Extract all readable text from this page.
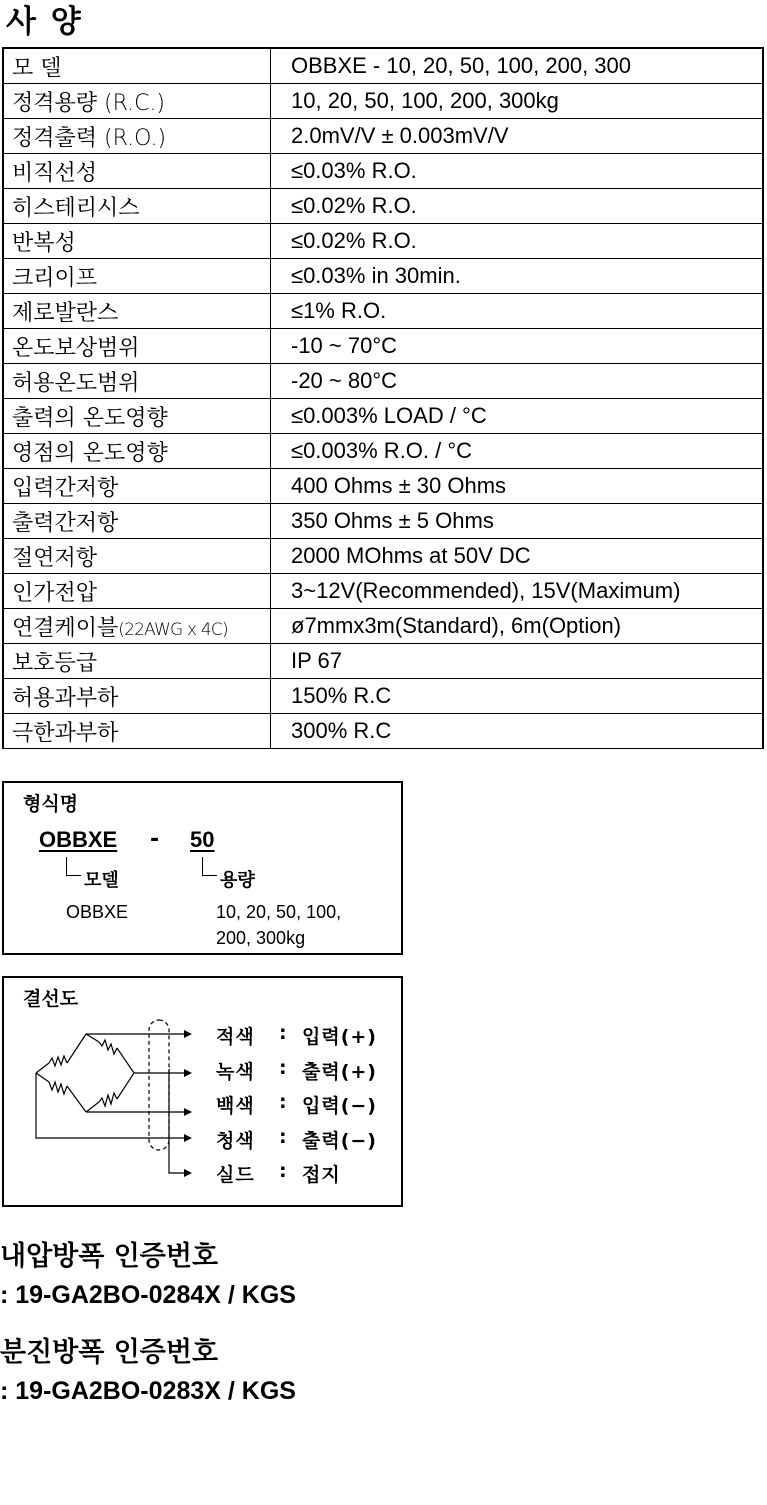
사 양
모 델	OBBXE - 10, 20, 50, 100, 200, 300
정격용량 (R.C.)	10, 20, 50, 100, 200, 300kg
정격출력 (R.O.)	2.0mV/V ± 0.003mV/V
비직선성	≤0.03% R.O.
히스테리시스	≤0.02% R.O.
반복성	≤0.02% R.O.
크리이프	≤0.03% in 30min.
제로발란스	≤1% R.O.
온도보상범위	-10 ~ 70°C
허용온도범위	-20 ~ 80°C
출력의 온도영향	≤0.003% LOAD / °C
영점의 온도영향	≤0.003% R.O. / °C
입력간저항	400 Ohms ± 30 Ohms
출력간저항	350 Ohms ± 5 Ohms
절연저항	2000 MOhms at 50V DC
인가전압	3~12V(Recommended), 15V(Maximum)
연결케이블(22AWG x 4C)	ø7mmx3m(Standard), 6m(Option)
보호등급	IP 67
허용과부하	150% R.C
극한과부하	300% R.C
형식명
OBBXE - 50
모델	용량
OBBXE	10, 20, 50, 100,
200, 300kg
결선도
적색 : 입력(+)
녹색 : 출력(+)
백색 : 입력(−)
청색 : 출력(−)
실드 : 접지
내압방폭 인증번호
: 19-GA2BO-0284X / KGS
분진방폭 인증번호
: 19-GA2BO-0283X / KGS
